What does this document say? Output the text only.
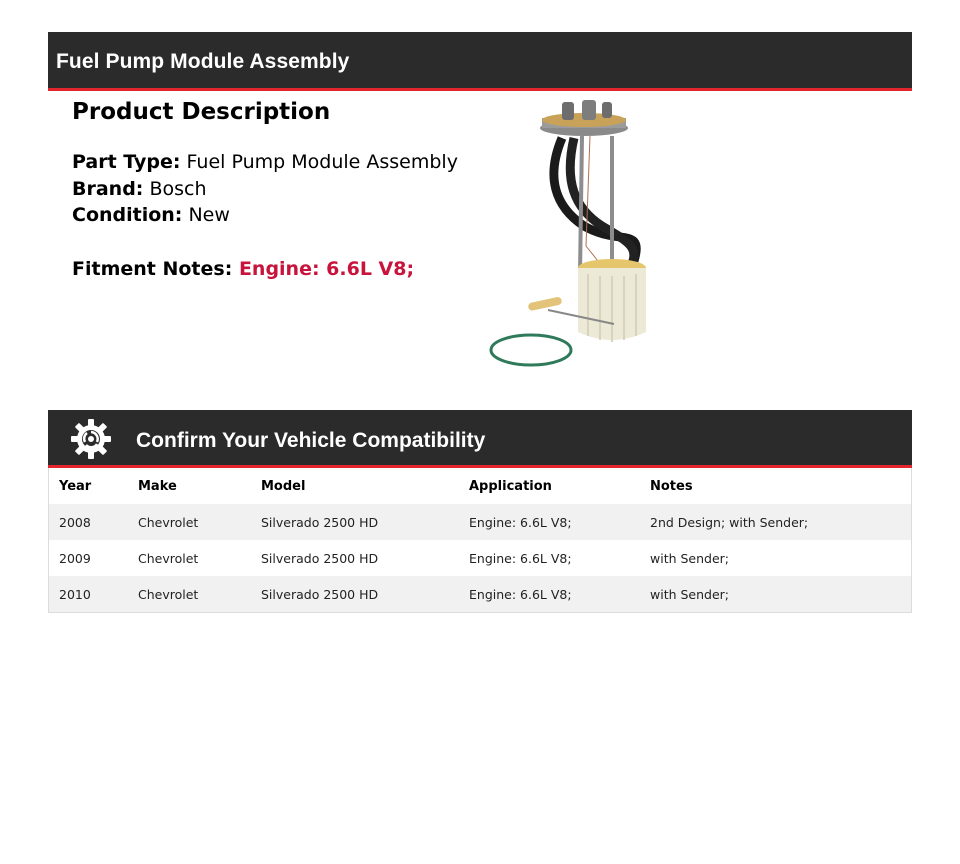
Fuel Pump Module Assembly
Product Description
Part Type: Fuel Pump Module Assembly
Brand: Bosch
Condition: New
Fitment Notes: Engine: 6.6L V8;
Confirm Your Vehicle Compatibility
Year	Make	Model	Application	Notes
2008	Chevrolet	Silverado 2500 HD	Engine: 6.6L V8;	2nd Design; with Sender;
2009	Chevrolet	Silverado 2500 HD	Engine: 6.6L V8;	with Sender;
2010	Chevrolet	Silverado 2500 HD	Engine: 6.6L V8;	with Sender;
